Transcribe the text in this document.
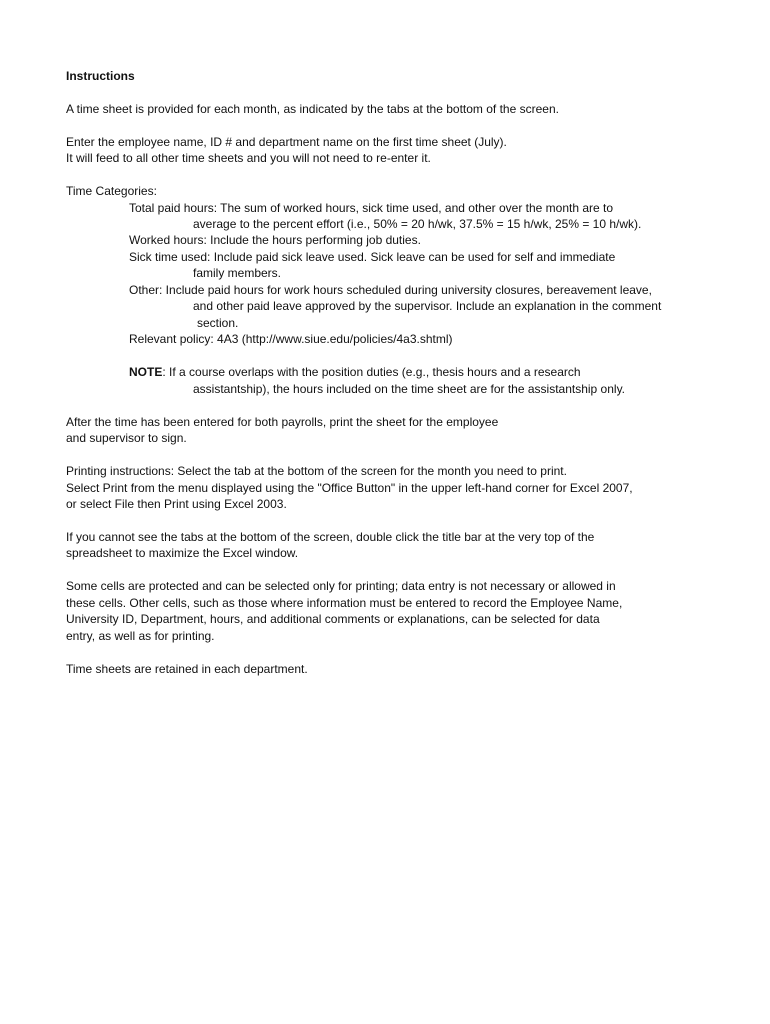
Instructions
A time sheet is provided for each month, as indicated by the tabs at the bottom of the screen.
Enter the employee name, ID # and department name on the first time sheet (July).
It will feed to all other time sheets and you will not need to re-enter it.
Time Categories:
Total paid hours: The sum of worked hours, sick time used, and other over the month are to
average to the percent effort (i.e., 50% = 20 h/wk, 37.5% = 15 h/wk, 25% = 10 h/wk).
Worked hours: Include the hours performing job duties.
Sick time used: Include paid sick leave used. Sick leave can be used for self and immediate
family members.
Other: Include paid hours for work hours scheduled during university closures, bereavement leave,
and other paid leave approved by the supervisor. Include an explanation in the comment
section.
Relevant policy: 4A3 (http://www.siue.edu/policies/4a3.shtml)
NOTE: If a course overlaps with the position duties (e.g., thesis hours and a research
assistantship), the hours included on the time sheet are for the assistantship only.
After the time has been entered for both payrolls, print the sheet for the employee
and supervisor to sign.
Printing instructions: Select the tab at the bottom of the screen for the month you need to print.
Select Print from the menu displayed using the "Office Button" in the upper left-hand corner for Excel 2007,
or select File then Print using Excel 2003.
If you cannot see the tabs at the bottom of the screen, double click the title bar at the very top of the
spreadsheet to maximize the Excel window.
Some cells are protected and can be selected only for printing; data entry is not necessary or allowed in
these cells. Other cells, such as those where information must be entered to record the Employee Name,
University ID, Department, hours, and additional comments or explanations, can be selected for data
entry, as well as for printing.
Time sheets are retained in each department.
